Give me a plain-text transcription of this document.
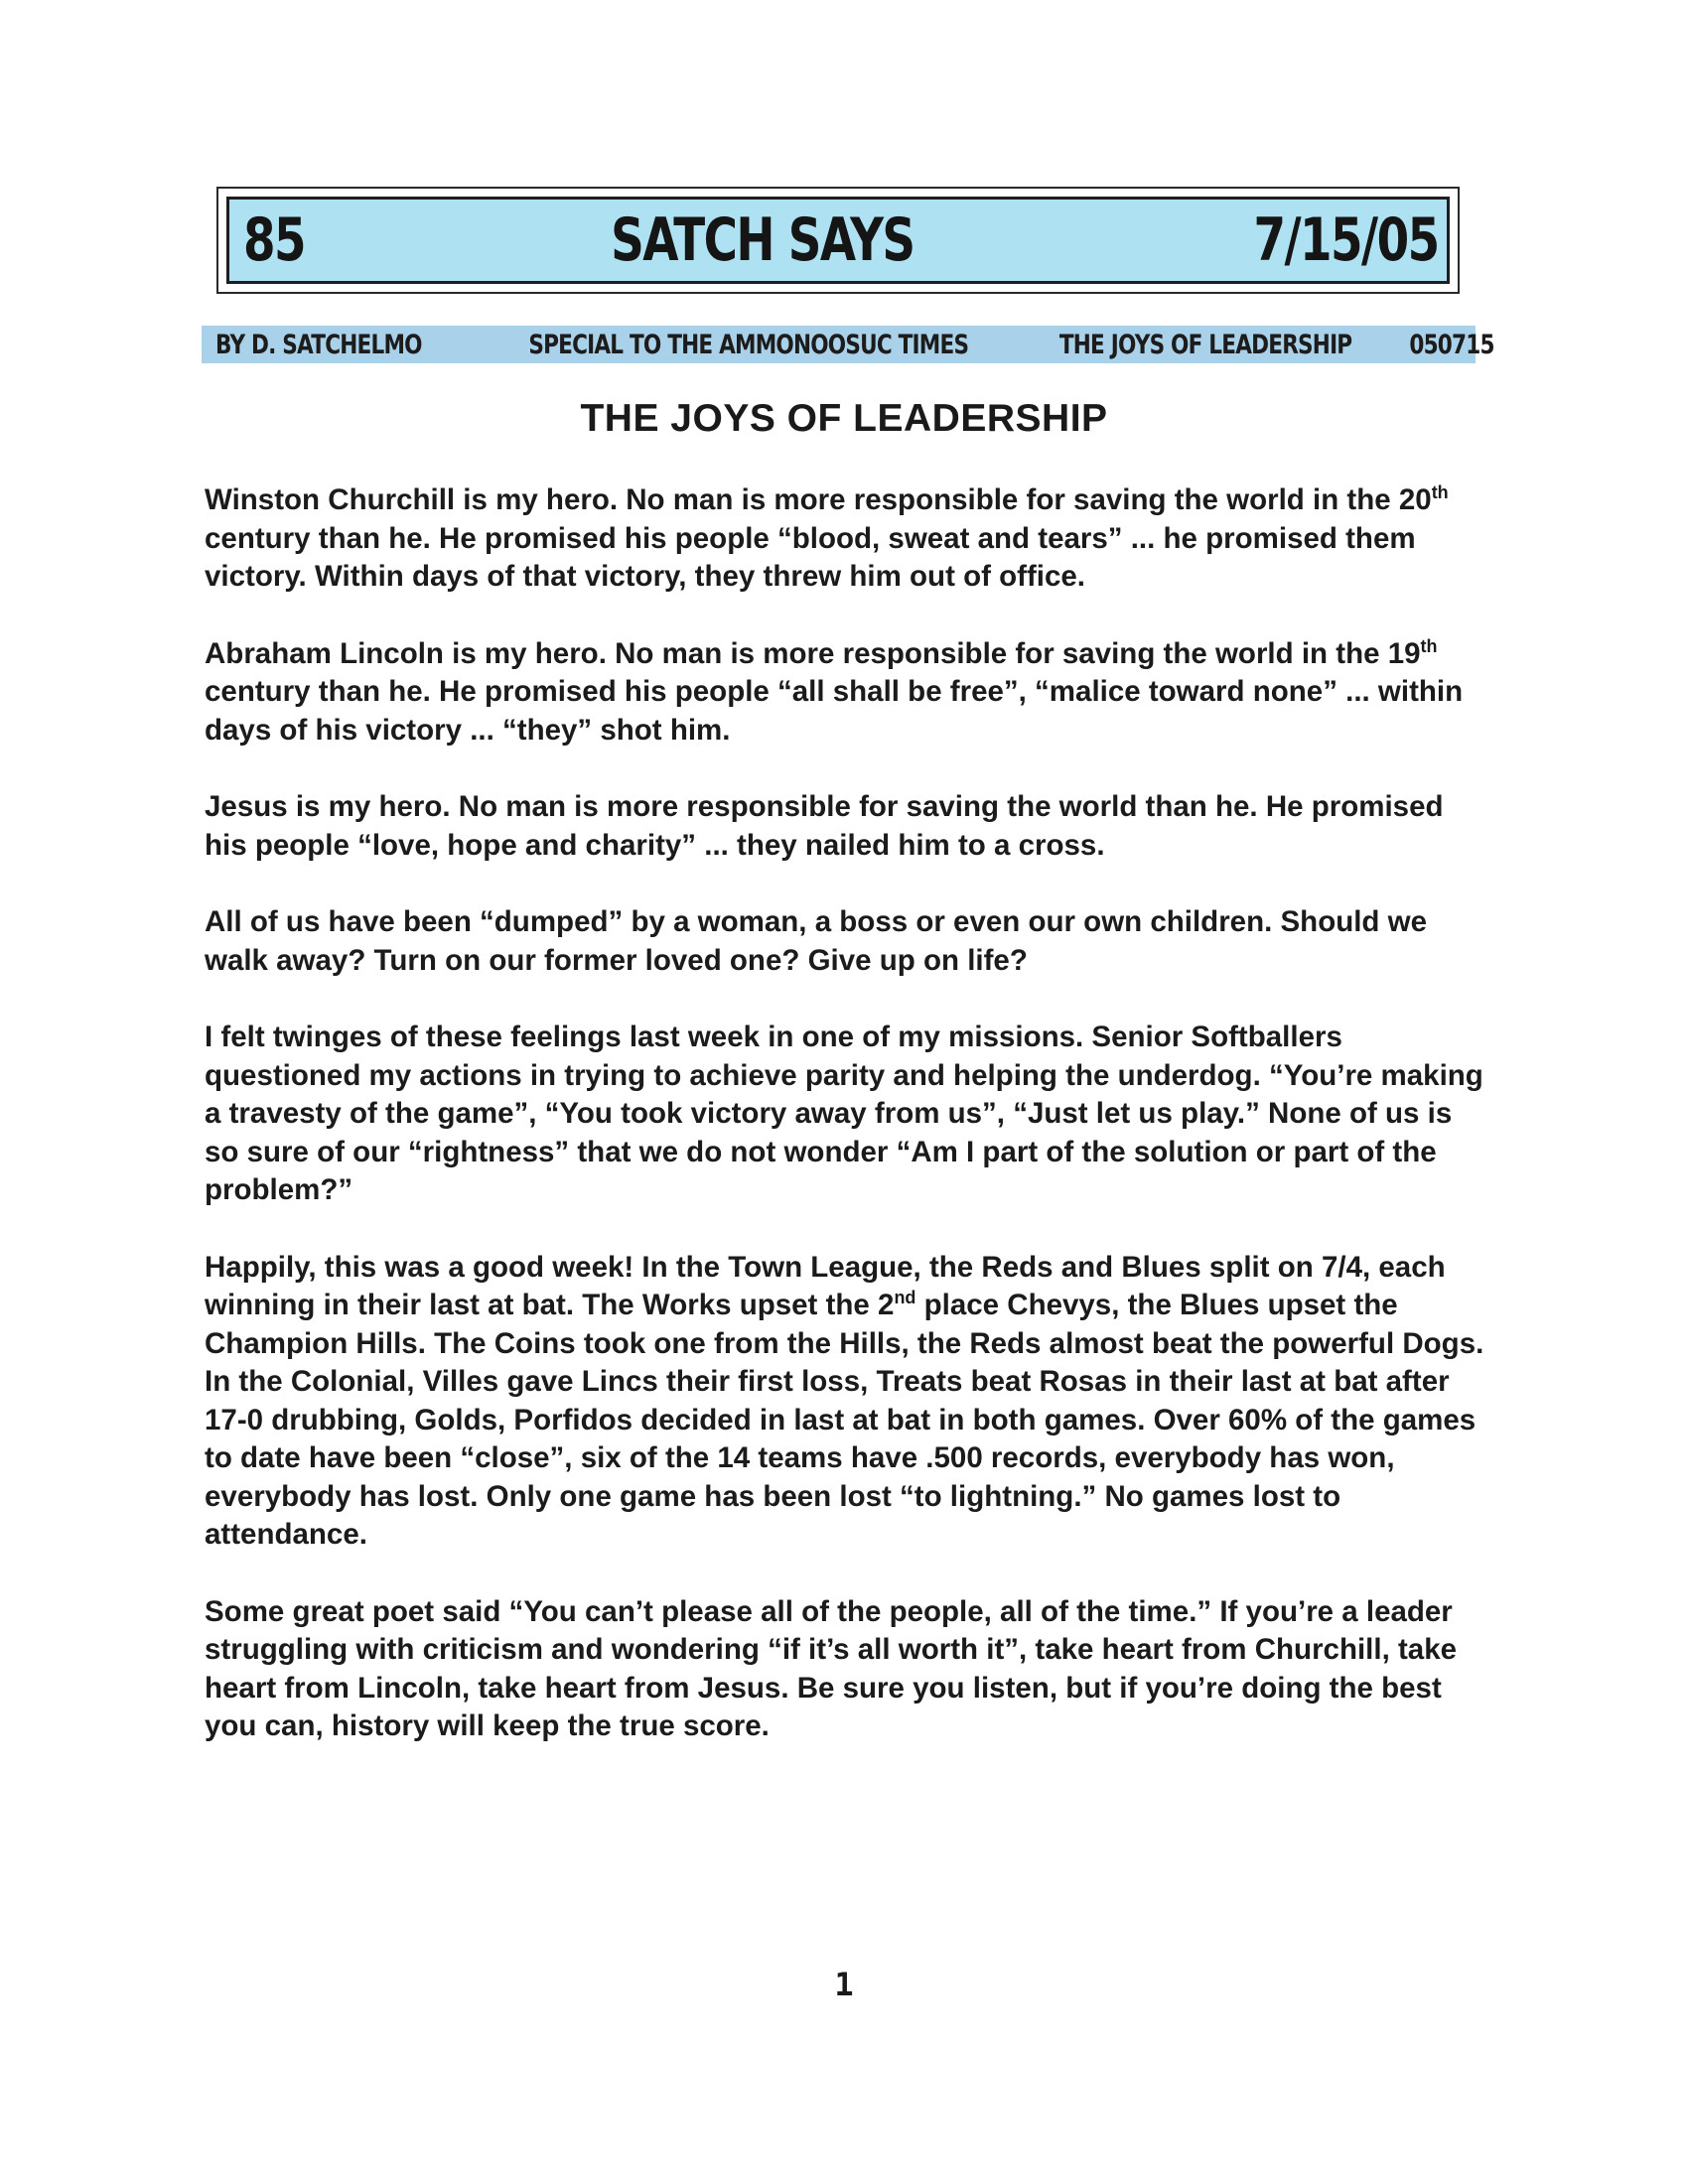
85	SATCH SAYS	7/15/05
BY D. SATCHELMO	SPECIAL TO THE AMMONOOSUC TIMES	THE JOYS OF LEADERSHIP 050715
THE JOYS OF LEADERSHIP

Winston Churchill is my hero. No man is more responsible for saving the world in the 20th century than he. He promised his people “blood, sweat and tears” ... he promised them victory. Within days of that victory, they threw him out of office.

Abraham Lincoln is my hero. No man is more responsible for saving the world in the 19th century than he. He promised his people “all shall be free”, “malice toward none” ... within days of his victory ... “they” shot him.

Jesus is my hero. No man is more responsible for saving the world than he. He promised his people “love, hope and charity” ... they nailed him to a cross.

All of us have been “dumped” by a woman, a boss or even our own children. Should we walk away? Turn on our former loved one? Give up on life?

I felt twinges of these feelings last week in one of my missions. Senior Softballers questioned my actions in trying to achieve parity and helping the underdog. “You’re making a travesty of the game”, “You took victory away from us”, “Just let us play.” None of us is so sure of our “rightness” that we do not wonder “Am I part of the solution or part of the problem?”

Happily, this was a good week! In the Town League, the Reds and Blues split on 7/4, each winning in their last at bat. The Works upset the 2nd place Chevys, the Blues upset the Champion Hills. The Coins took one from the Hills, the Reds almost beat the powerful Dogs. In the Colonial, Villes gave Lincs their first loss, Treats beat Rosas in their last at bat after 17-0 drubbing, Golds, Porfidos decided in last at bat in both games. Over 60% of the games to date have been “close”, six of the 14 teams have .500 records, everybody has won, everybody has lost. Only one game has been lost “to lightning.” No games lost to attendance.

Some great poet said “You can’t please all of the people, all of the time.” If you’re a leader struggling with criticism and wondering “if it’s all worth it”, take heart from Churchill, take heart from Lincoln, take heart from Jesus. Be sure you listen, but if you’re doing the best you can, history will keep the true score.

1
